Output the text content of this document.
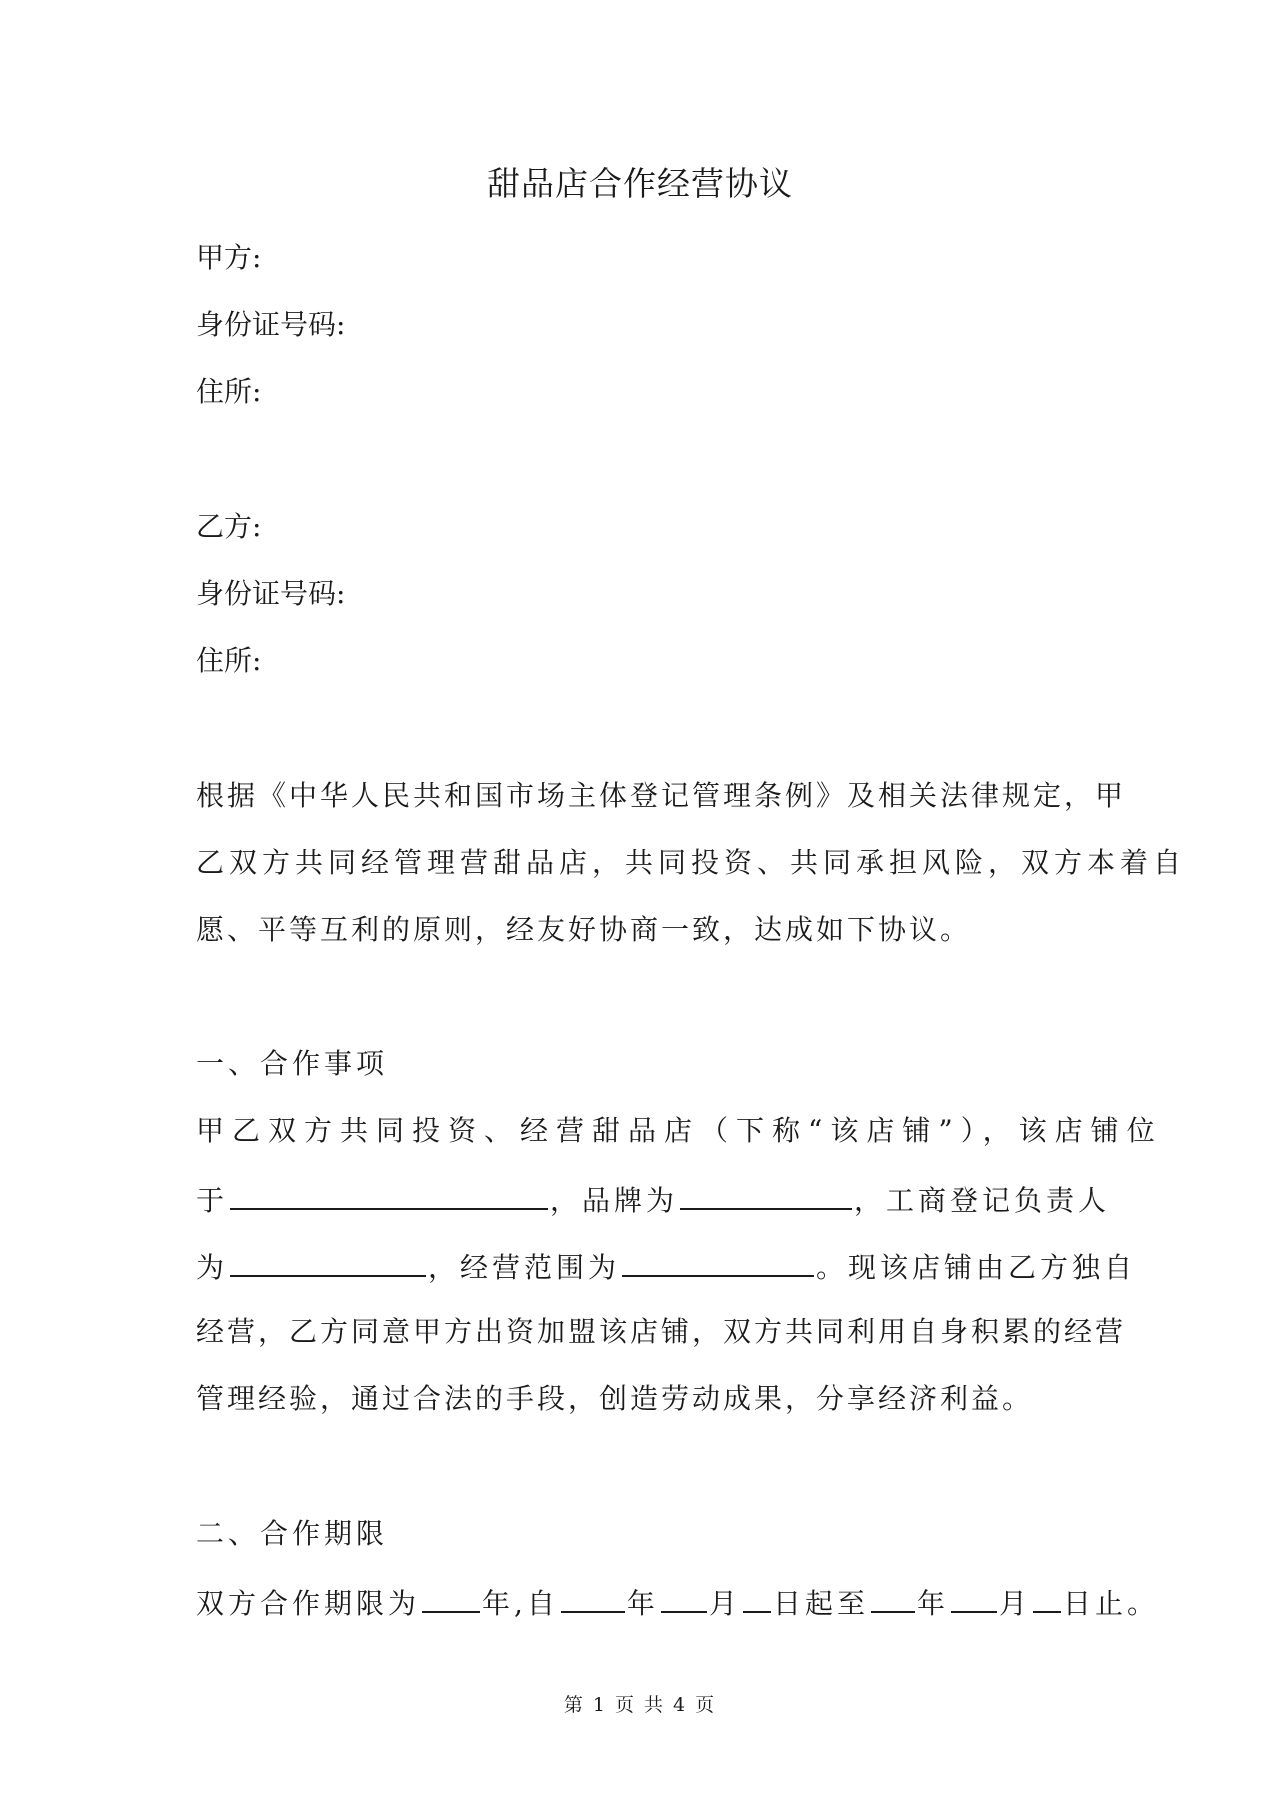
甜品店合作经营协议
甲方:
身份证号码:
住所:
乙方:
身份证号码:
住所:
根据《中华人民共和国市场主体登记管理条例》及相关法律规定，甲
乙双方共同经管理营甜品店，共同投资、共同承担风险，双方本着自
愿、平等互利的原则，经友好协商一致，达成如下协议。
一、合作事项
甲乙双方共同投资、经营甜品店（下称“该店铺”），该店铺位
于	，品牌为	，工商登记负责人
为	，经营范围为	。现该店铺由乙方独自
经营，乙方同意甲方出资加盟该店铺，双方共同利用自身积累的经营
管理经验，通过合法的手段，创造劳动成果，分享经济利益。
二、合作期限
双方合作期限为 年,自 年 月 日起至 年 月 日止。
第 1 页 共 4 页
